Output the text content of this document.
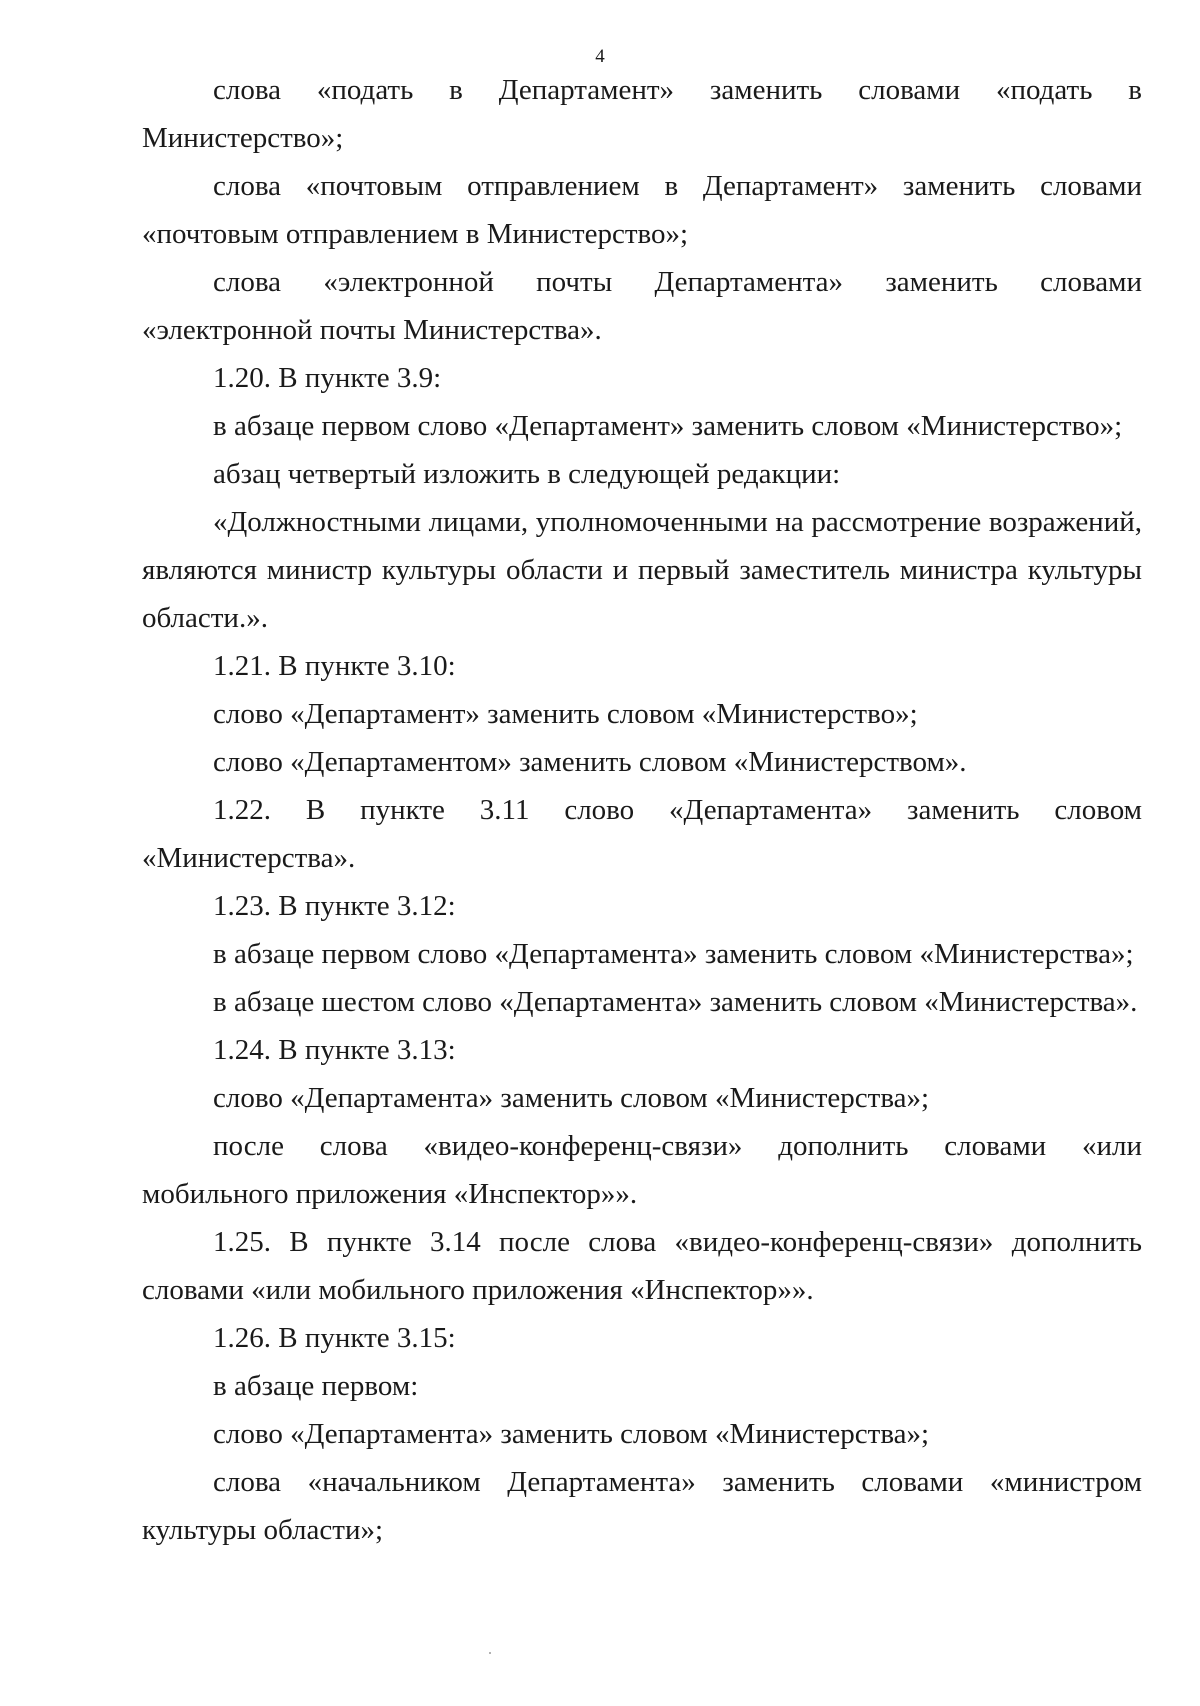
4

слова «подать в Департамент» заменить словами «подать в Министерство»;

слова «почтовым отправлением в Департамент» заменить словами «почтовым отправлением в Министерство»;

слова «электронной почты Департамента» заменить словами «электронной почты Министерства».

1.20. В пункте 3.9:

в абзаце первом слово «Департамент» заменить словом «Министерство»;

абзац четвертый изложить в следующей редакции:

«Должностными лицами, уполномоченными на рассмотрение возражений, являются министр культуры области и первый заместитель министра культуры области.».

1.21. В пункте 3.10:

слово «Департамент» заменить словом «Министерство»;

слово «Департаментом» заменить словом «Министерством».

1.22. В пункте 3.11 слово «Департамента» заменить словом «Министерства».

1.23. В пункте 3.12:

в абзаце первом слово «Департамента» заменить словом «Министерства»;

в абзаце шестом слово «Департамента» заменить словом «Министерства».

1.24. В пункте 3.13:

слово «Департамента» заменить словом «Министерства»;

после слова «видео-конференц-связи» дополнить словами «или мобильного приложения «Инспектор»».

1.25. В пункте 3.14 после слова «видео-конференц-связи» дополнить словами «или мобильного приложения «Инспектор»».

1.26. В пункте 3.15:

в абзаце первом:

слово «Департамента» заменить словом «Министерства»;

слова «начальником Департамента» заменить словами «министром культуры области»;
